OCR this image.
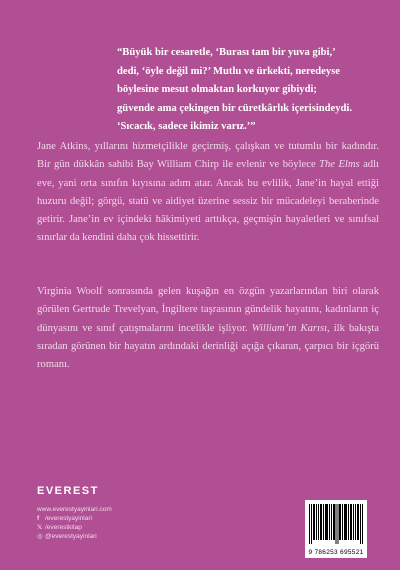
“Büyük bir cesaretle, ‘Burası tam bir yuva gibi,’
dedi, ‘öyle değil mi?’ Mutlu ve ürkekti, neredeyse
böylesine mesut olmaktan korkuyor gibiydi;
güvende ama çekingen bir cüretkârlık içerisindeydi.
‘Sıcacık, sadece ikimiz varız.’”

Jane Atkins, yıllarını hizmetçilikle geçirmiş, çalışkan ve tutumlu bir kadındır. Bir gün dükkân sahibi Bay William Chirp ile evlenir ve böylece The Elms adlı eve, yani orta sınıfın kıyısına adım atar. Ancak bu evlilik, Jane’in hayal ettiği huzuru değil; görgü, statü ve aidiyet üzerine sessiz bir mücadeleyi beraberinde getirir. Jane’in ev içindeki hâkimiyeti arttıkça, geçmişin hayaletleri ve sınıfsal sınırlar da kendini daha çok hissettirir.

Virginia Woolf sonrasında gelen kuşağın en özgün yazarlarından biri olarak görülen Gertrude Trevelyan, İngiltere taşrasının gündelik hayatını, kadınların iç dünyasını ve sınıf çatışmalarını incelikle işliyor. William’ın Karısı, ilk bakışta sıradan görünen bir hayatın ardındaki derinliği açığa çıkaran, çarpıcı bir içgörü romanı.

EVEREST
www.everestyayinlari.com
f /everestyayinlari
𝕏 /everestkitap
◎ @everestyayinlari
9 786253 695521
